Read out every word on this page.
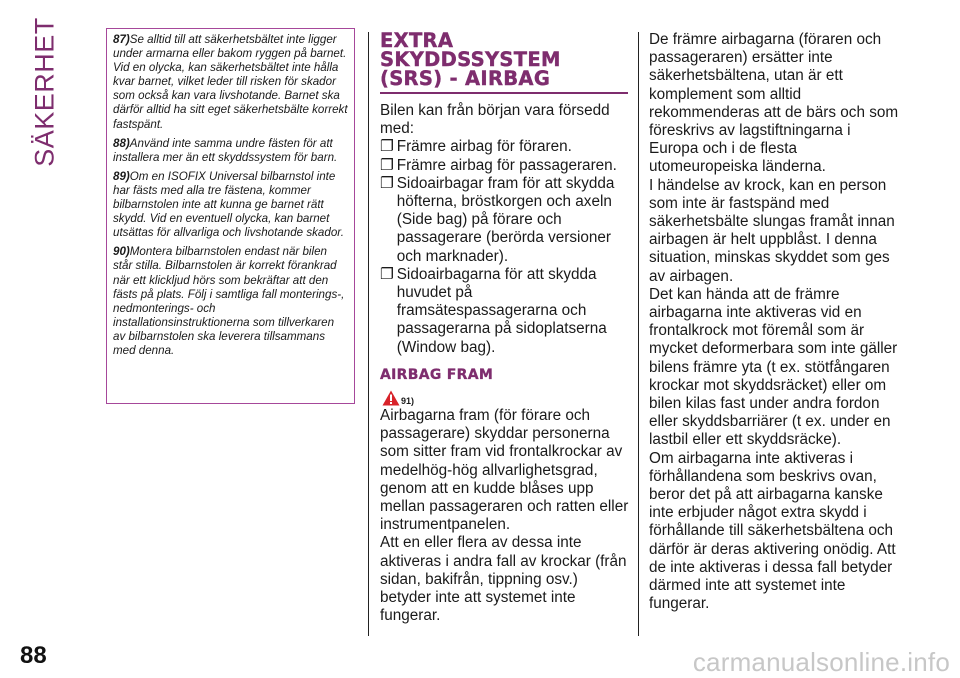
SÄKERHET
88

87)Se alltid till att säkerhetsbältet inte ligger under armarna eller bakom ryggen på barnet. Vid en olycka, kan säkerhetsbältet inte hålla kvar barnet, vilket leder till risken för skador som också kan vara livshotande. Barnet ska därför alltid ha sitt eget säkerhetsbälte korrekt fastspänt.

88)Använd inte samma undre fästen för att installera mer än ett skyddssystem för barn.

89)Om en ISOFIX Universal bilbarnstol inte har fästs med alla tre fästena, kommer bilbarnstolen inte att kunna ge barnet rätt skydd. Vid en eventuell olycka, kan barnet utsättas för allvarliga och livshotande skador.

90)Montera bilbarnstolen endast när bilen står stilla. Bilbarnstolen är korrekt förankrad när ett klickljud hörs som bekräftar att den fästs på plats. Följ i samtliga fall monterings-, nedmonterings- och installationsinstruktionerna som tillverkaren av bilbarnstolen ska leverera tillsammans med denna.

EXTRA
SKYDDSSYSTEM
(SRS) - AIRBAG

Bilen kan från början vara försedd med:

❐ Främre airbag för föraren.
❐ Främre airbag för passageraren.
❐ Sidoairbagar fram för att skydda höfterna, bröstkorgen och axeln (Side bag) på förare och passagerare (berörda versioner och marknader).
❐ Sidoairbagarna för att skydda huvudet på framsätespassagerarna och passagerarna på sidoplatserna (Window bag).
AIRBAG FRAM
91)

Airbagarna fram (för förare och passagerare) skyddar personerna som sitter fram vid frontalkrockar av medelhög-hög allvarlighetsgrad, genom att en kudde blåses upp mellan passageraren och ratten eller instrumentpanelen.

Att en eller flera av dessa inte aktiveras i andra fall av krockar (från sidan, bakifrån, tippning osv.) betyder inte att systemet inte fungerar.

De främre airbagarna (föraren och passageraren) ersätter inte säkerhetsbältena, utan är ett komplement som alltid rekommenderas att de bärs och som föreskrivs av lagstiftningarna i Europa och i de flesta utomeuropeiska länderna.

I händelse av krock, kan en person som inte är fastspänd med säkerhetsbälte slungas framåt innan airbagen är helt uppblåst. I denna situation, minskas skyddet som ges av airbagen.

Det kan hända att de främre airbagarna inte aktiveras vid en frontalkrock mot föremål som är mycket deformerbara som inte gäller bilens främre yta (t ex. stötfångaren krockar mot skyddsräcket) eller om bilen kilas fast under andra fordon eller skyddsbarriärer (t ex. under en lastbil eller ett skyddsräcke).

Om airbagarna inte aktiveras i förhållandena som beskrivs ovan, beror det på att airbagarna kanske inte erbjuder något extra skydd i förhållande till säkerhetsbältena och därför är deras aktivering onödig. Att de inte aktiveras i dessa fall betyder därmed inte att systemet inte fungerar.

carmanualsonline.info
